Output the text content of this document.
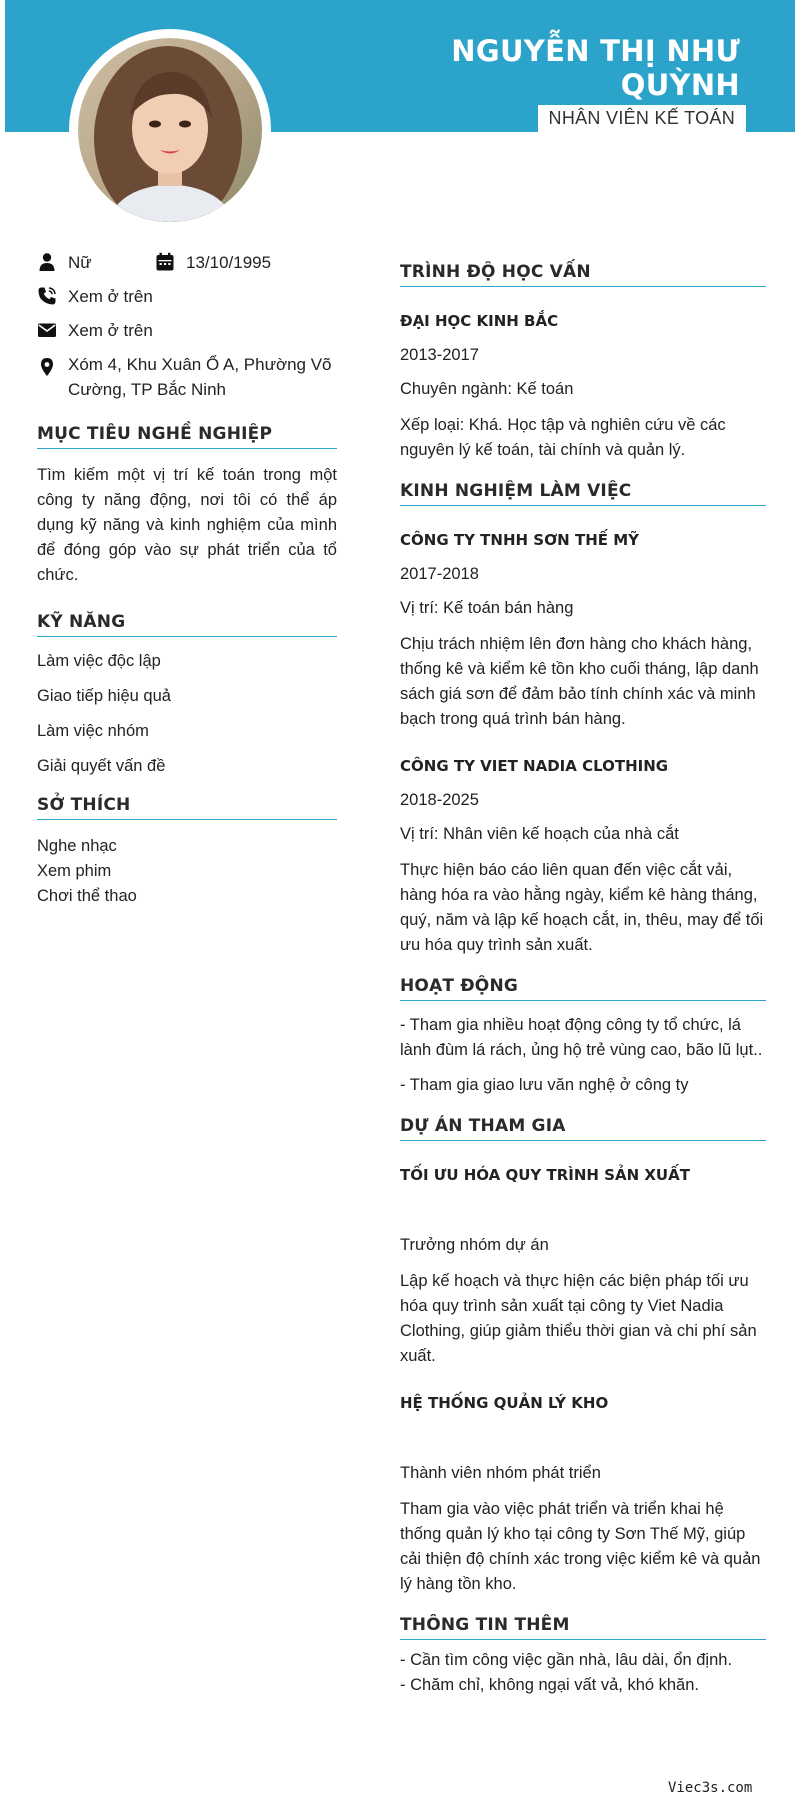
NGUYỄN THỊ NHƯ QUỲNH
NHÂN VIÊN KẾ TOÁN
Nữ	13/10/1995
Xem ở trên
Xem ở trên
Xóm 4, Khu Xuân Ổ A, Phường Võ Cường, TP Bắc Ninh
MỤC TIÊU NGHỀ NGHIỆP
Tìm kiếm một vị trí kế toán trong một công ty năng động, nơi tôi có thể áp dụng kỹ năng và kinh nghiệm của mình để đóng góp vào sự phát triển của tổ chức.
KỸ NĂNG
Làm việc độc lập
Giao tiếp hiệu quả
Làm việc nhóm
Giải quyết vấn đề
SỞ THÍCH
Nghe nhạc
Xem phim
Chơi thể thao
TRÌNH ĐỘ HỌC VẤN
ĐẠI HỌC KINH BẮC
2013-2017
Chuyên ngành: Kế toán
Xếp loại: Khá. Học tập và nghiên cứu về các nguyên lý kế toán, tài chính và quản lý.
KINH NGHIỆM LÀM VIỆC
CÔNG TY TNHH SƠN THẾ MỸ
2017-2018
Vị trí: Kế toán bán hàng
Chịu trách nhiệm lên đơn hàng cho khách hàng, thống kê và kiểm kê tồn kho cuối tháng, lập danh sách giá sơn để đảm bảo tính chính xác và minh bạch trong quá trình bán hàng.
CÔNG TY VIET NADIA CLOTHING
2018-2025
Vị trí: Nhân viên kế hoạch của nhà cắt
Thực hiện báo cáo liên quan đến việc cắt vải, hàng hóa ra vào hằng ngày, kiểm kê hàng tháng, quý, năm và lập kế hoạch cắt, in, thêu, may để tối ưu hóa quy trình sản xuất.
HOẠT ĐỘNG
- Tham gia nhiều hoạt động công ty tổ chức, lá lành đùm lá rách, ủng hộ trẻ vùng cao, bão lũ lụt..
- Tham gia giao lưu văn nghệ ở công ty
DỰ ÁN THAM GIA
TỐI ƯU HÓA QUY TRÌNH SẢN XUẤT
Trưởng nhóm dự án
Lập kế hoạch và thực hiện các biện pháp tối ưu hóa quy trình sản xuất tại công ty Viet Nadia Clothing, giúp giảm thiểu thời gian và chi phí sản xuất.
HỆ THỐNG QUẢN LÝ KHO
Thành viên nhóm phát triển
Tham gia vào việc phát triển và triển khai hệ thống quản lý kho tại công ty Sơn Thế Mỹ, giúp cải thiện độ chính xác trong việc kiểm kê và quản lý hàng tồn kho.
THÔNG TIN THÊM
- Cần tìm công việc gần nhà, lâu dài, ổn định.
- Chăm chỉ, không ngại vất vả, khó khăn.
Viec3s.com
